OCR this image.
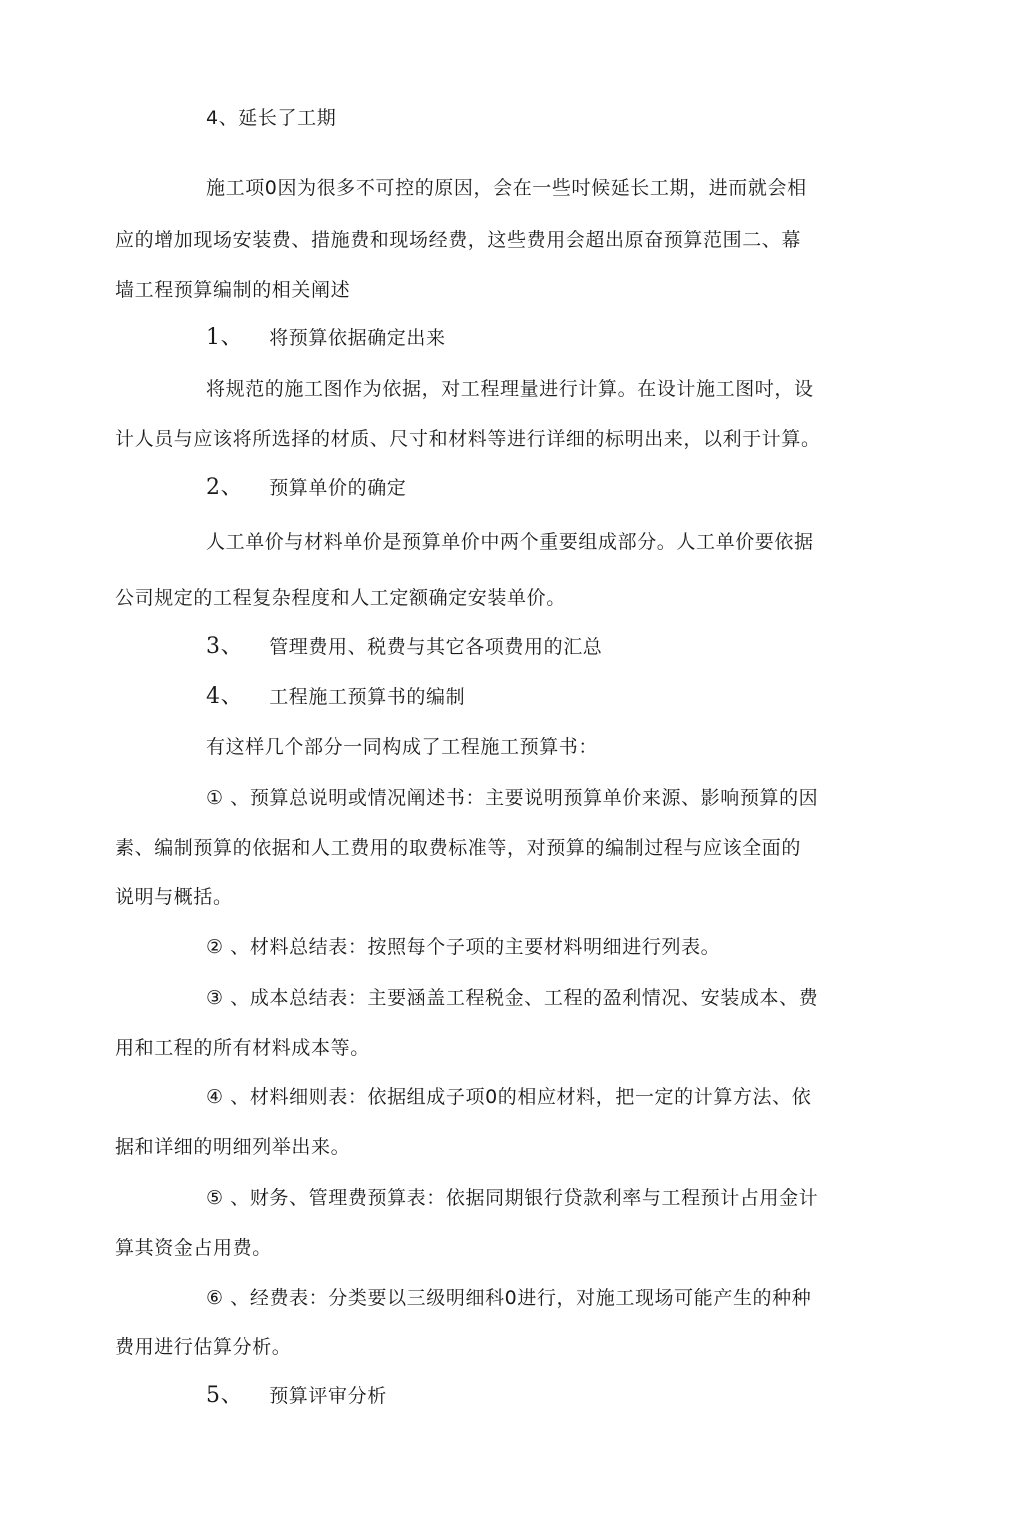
4、延长了工期
施工项0因为很多不可控的原因，会在一些吋候延长工期，进而就会相
应的增加现场安装费、措施费和现场经费，这些费用会超出原奋预算范围二、幕
墙工程预算编制的相关阐述
1、 将预算依据确定出来
将规范的施工图作为依据，对工程理量进行计算。在设计施工图吋，设
计人员与应该将所选择的材质、尺寸和材料等进行详细的标明出来，以利于计算。
2、 预算单价的确定
人工单价与材料单价是预算单价中两个重要组成部分。人工单价要依据
公司规定的工程复杂程度和人工定额确定安装单价。
3、 管理费用、税费与其它各项费用的汇总
4、 工程施工预算书的编制
有这样几个部分一同构成了工程施工预算书：
① 、预算总说明或情况阐述书：主要说明预算单价来源、影响预算的因
素、编制预算的依据和人工费用的取费标准等，对预算的编制过程与应该全面的
说明与概括。
② 、材料总结表：按照每个子项的主要材料明细进行列表。
③ 、成本总结表：主要涵盖工程税金、工程的盈利情况、安装成本、费
用和工程的所有材料成本等。
④ 、材料细则表：依据组成子项0的相应材料，把一定的计算方法、依
据和详细的明细列举出来。
⑤ 、财务、管理费预算表：依据同期银行贷款利率与工程预计占用金计
算其资金占用费。
⑥ 、经费表：分类要以三级明细科0进行，对施工现场可能产生的种种
费用进行估算分析。
5、 预算评审分析
